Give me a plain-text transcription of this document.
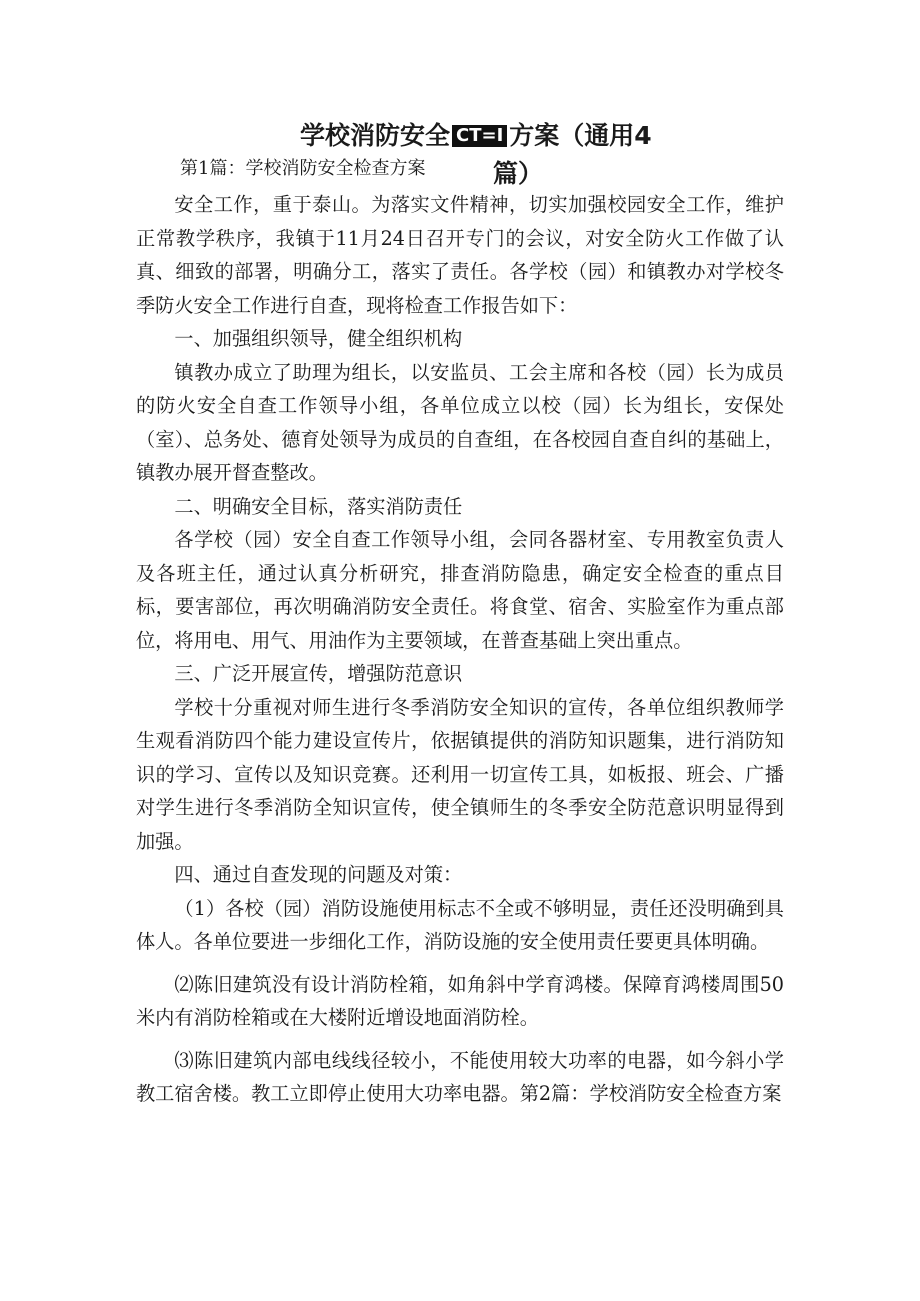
学校消防安全 CT=I 方案（通用4
第1篇：学校消防安全检查方案	篇）

安全工作，重于泰山。为落实文件精神，切实加强校园安全工作，维护正常教学秩序，我镇于11月24日召开专门的会议，对安全防火工作做了认真、细致的部署，明确分工，落实了责任。各学校（园）和镇教办对学校冬季防火安全工作进行自查，现将检查工作报告如下：

一、加强组织领导，健全组织机构

镇教办成立了助理为组长，以安监员、工会主席和各校（园）长为成员的防火安全自查工作领导小组，各单位成立以校（园）长为组长，安保处（室）、总务处、德育处领导为成员的自查组，在各校园自查自纠的基础上，镇教办展开督查整改。

二、明确安全目标，落实消防责任

各学校（园）安全自查工作领导小组，会同各器材室、专用教室负责人及各班主任，通过认真分析研究，排查消防隐患，确定安全检查的重点目标，要害部位，再次明确消防安全责任。将食堂、宿舍、实脸室作为重点部位，将用电、用气、用油作为主要领域，在普查基础上突出重点。

三、广泛开展宣传，增强防范意识

学校十分重视对师生进行冬季消防安全知识的宣传，各单位组织教师学生观看消防四个能力建设宣传片，依据镇提供的消防知识题集，进行消防知识的学习、宣传以及知识竞赛。还利用一切宣传工具，如板报、班会、广播对学生进行冬季消防全知识宣传，使全镇师生的冬季安全防范意识明显得到加强。

四、通过自查发现的问题及对策：

（1）各校（园）消防设施使用标志不全或不够明显，责任还没明确到具体人。各单位要进一步细化工作，消防设施的安全使用责任要更具体明确。

⑵陈旧建筑没有设计消防栓箱，如角斜中学育鸿楼。保障育鸿楼周围50米内有消防栓箱或在大楼附近增设地面消防栓。

⑶陈旧建筑内部电线线径较小，不能使用较大功率的电器，如今斜小学教工宿舍楼。教工立即停止使用大功率电器。第2篇：学校消防安全检查方案
